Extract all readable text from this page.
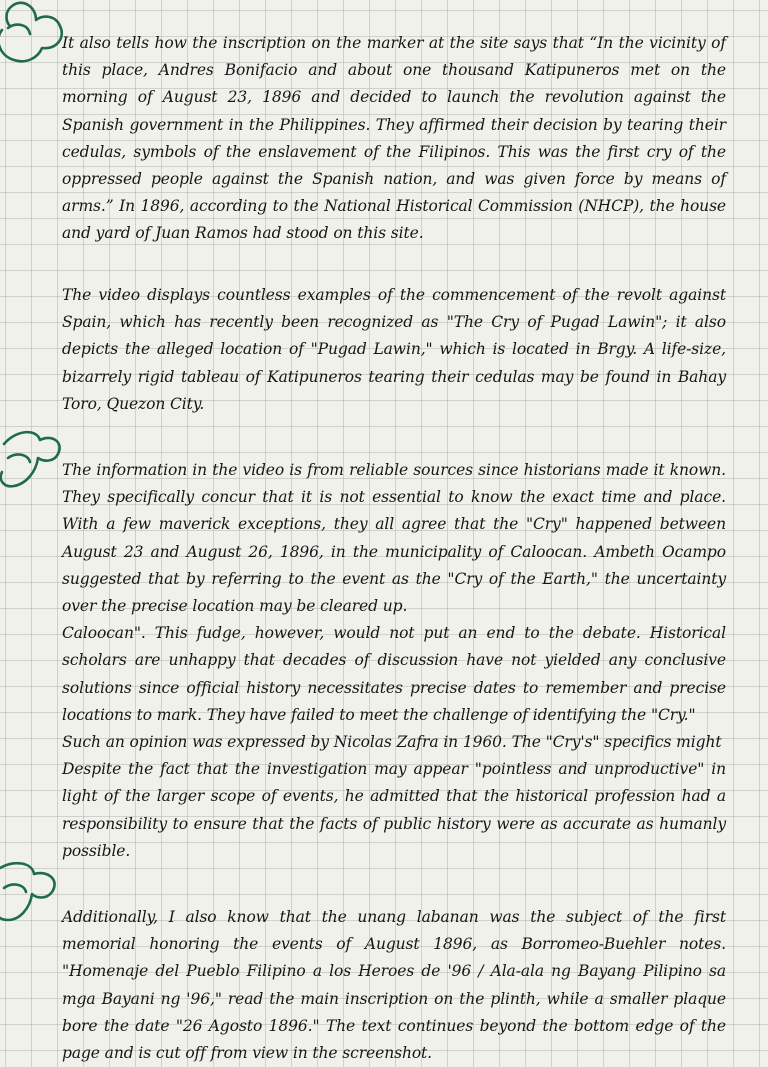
It also tells how the inscription on the marker at the site says that “In the vicinity of this place, Andres Bonifacio and about one thousand Katipuneros met on the morning of August 23, 1896 and decided to launch the revolution against the Spanish government in the Philippines. They affirmed their decision by tearing their cedulas, symbols of the enslavement of the Filipinos. This was the first cry of the oppressed people against the Spanish nation, and was given force by means of arms.” In 1896, according to the National Historical Commission (NHCP), the house and yard of Juan Ramos had stood on this site.

The video displays countless examples of the commencement of the revolt against Spain, which has recently been recognized as "The Cry of Pugad Lawin"; it also depicts the alleged location of "Pugad Lawin," which is located in Brgy. A life-size, bizarrely rigid tableau of Katipuneros tearing their cedulas may be found in Bahay Toro, Quezon City.

The information in the video is from reliable sources since historians made it known. They specifically concur that it is not essential to know the exact time and place. With a few maverick exceptions, they all agree that the "Cry" happened between August 23 and August 26, 1896, in the municipality of Caloocan. Ambeth Ocampo suggested that by referring to the event as the "Cry of the Earth," the uncertainty over the precise location may be cleared up.

Caloocan". This fudge, however, would not put an end to the debate. Historical scholars are unhappy that decades of discussion have not yielded any conclusive solutions since official history necessitates precise dates to remember and precise locations to mark. They have failed to meet the challenge of identifying the "Cry."

Such an opinion was expressed by Nicolas Zafra in 1960. The "Cry's" specifics might

Despite the fact that the investigation may appear "pointless and unproductive" in light of the larger scope of events, he admitted that the historical profession had a responsibility to ensure that the facts of public history were as accurate as humanly possible.

Additionally, I also know that the unang labanan was the subject of the first memorial honoring the events of August 1896, as Borromeo-Buehler notes. "Homenaje del Pueblo Filipino a los Heroes de '96 / Ala-ala ng Bayang Pilipino sa mga Bayani ng '96," read the main inscription on the plinth, while a smaller plaque bore the date "26 Agosto 1896." The text continues beyond the bottom edge of the page and is cut off from view in the screenshot.
